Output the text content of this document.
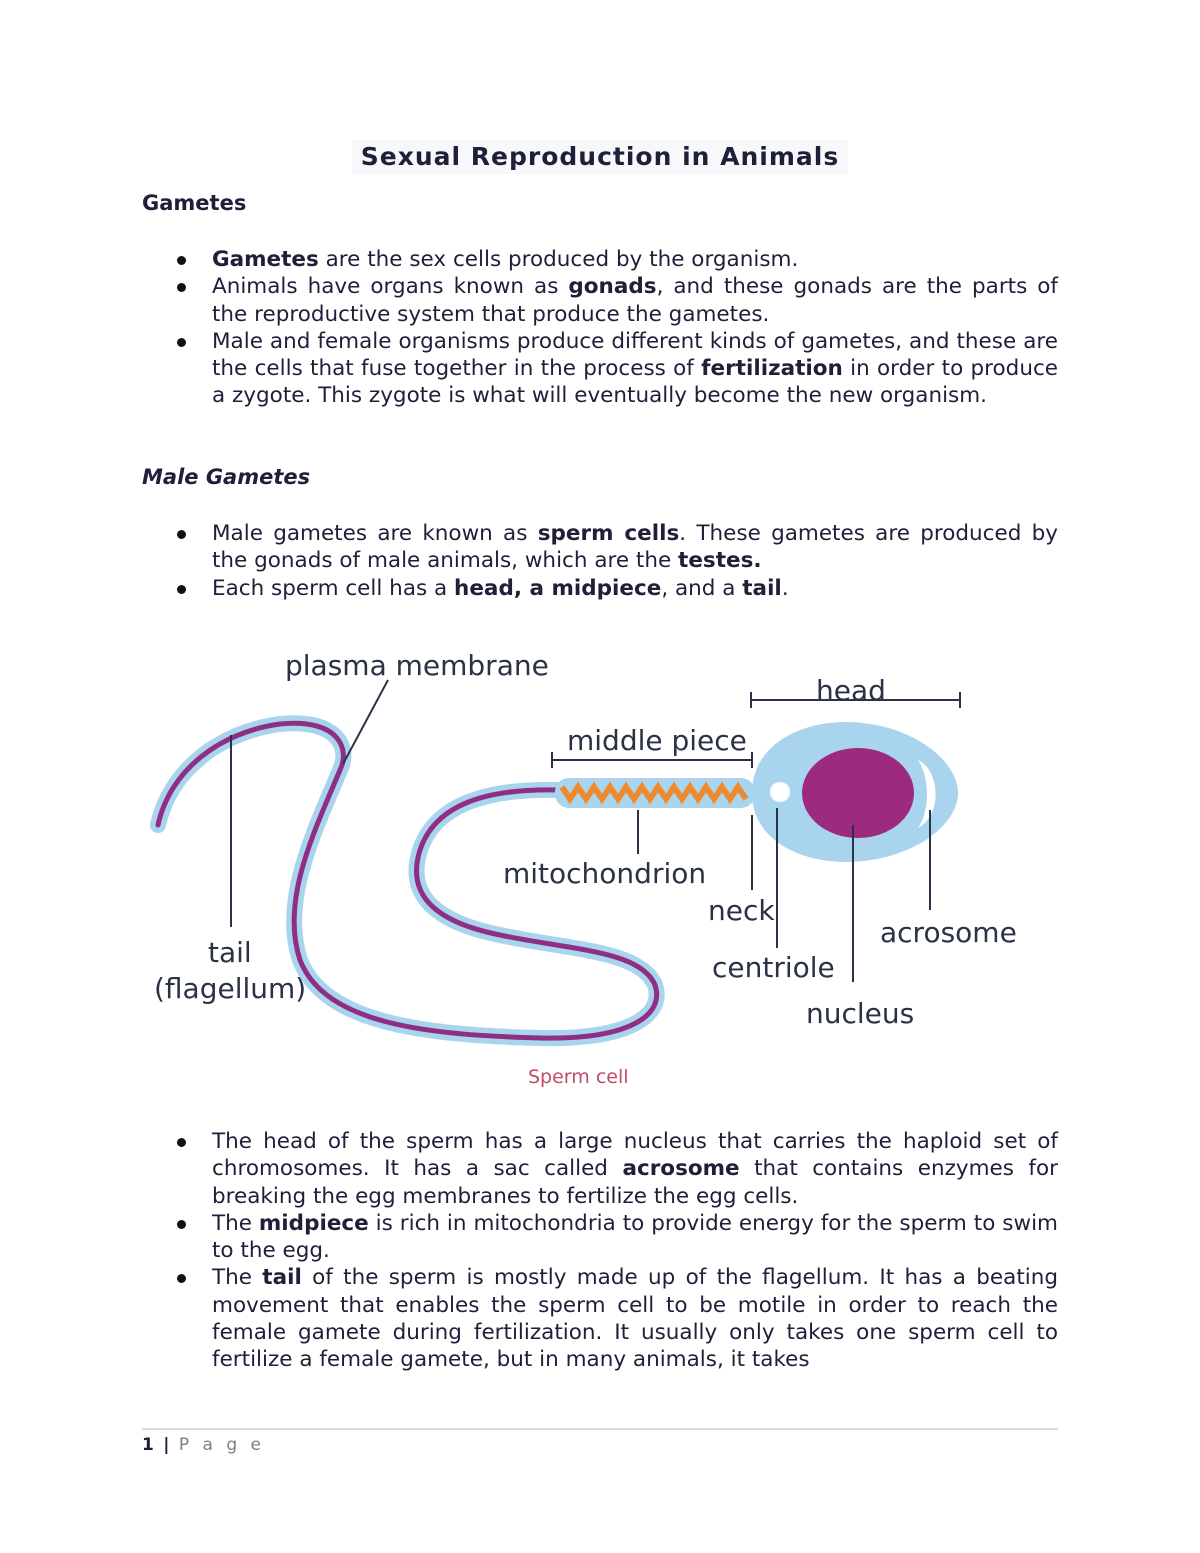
Sexual Reproduction in Animals
Gametes
Gametes are the sex cells produced by the organism.
Animals have organs known as gonads, and these gonads are the parts of the reproductive system that produce the gametes.
Male and female organisms produce different kinds of gametes, and these are the cells that fuse together in the process of fertilization in order to produce a zygote. This zygote is what will eventually become the new organism.
Male Gametes
Male gametes are known as sperm cells. These gametes are produced by the gonads of male animals, which are the testes.
Each sperm cell has a head, a midpiece, and a tail.
plasma membrane
head
middle piece
mitochondrion
neck
acrosome
centriole
nucleus
tail
(flagellum)
Sperm cell
The head of the sperm has a large nucleus that carries the haploid set of chromosomes. It has a sac called acrosome that contains enzymes for breaking the egg membranes to fertilize the egg cells.
The midpiece is rich in mitochondria to provide energy for the sperm to swim to the egg.
The tail of the sperm is mostly made up of the flagellum. It has a beating movement that enables the sperm cell to be motile in order to reach the female gamete during fertilization. It usually only takes one sperm cell to fertilize a female gamete, but in many animals, it takes
1 | P a g e
